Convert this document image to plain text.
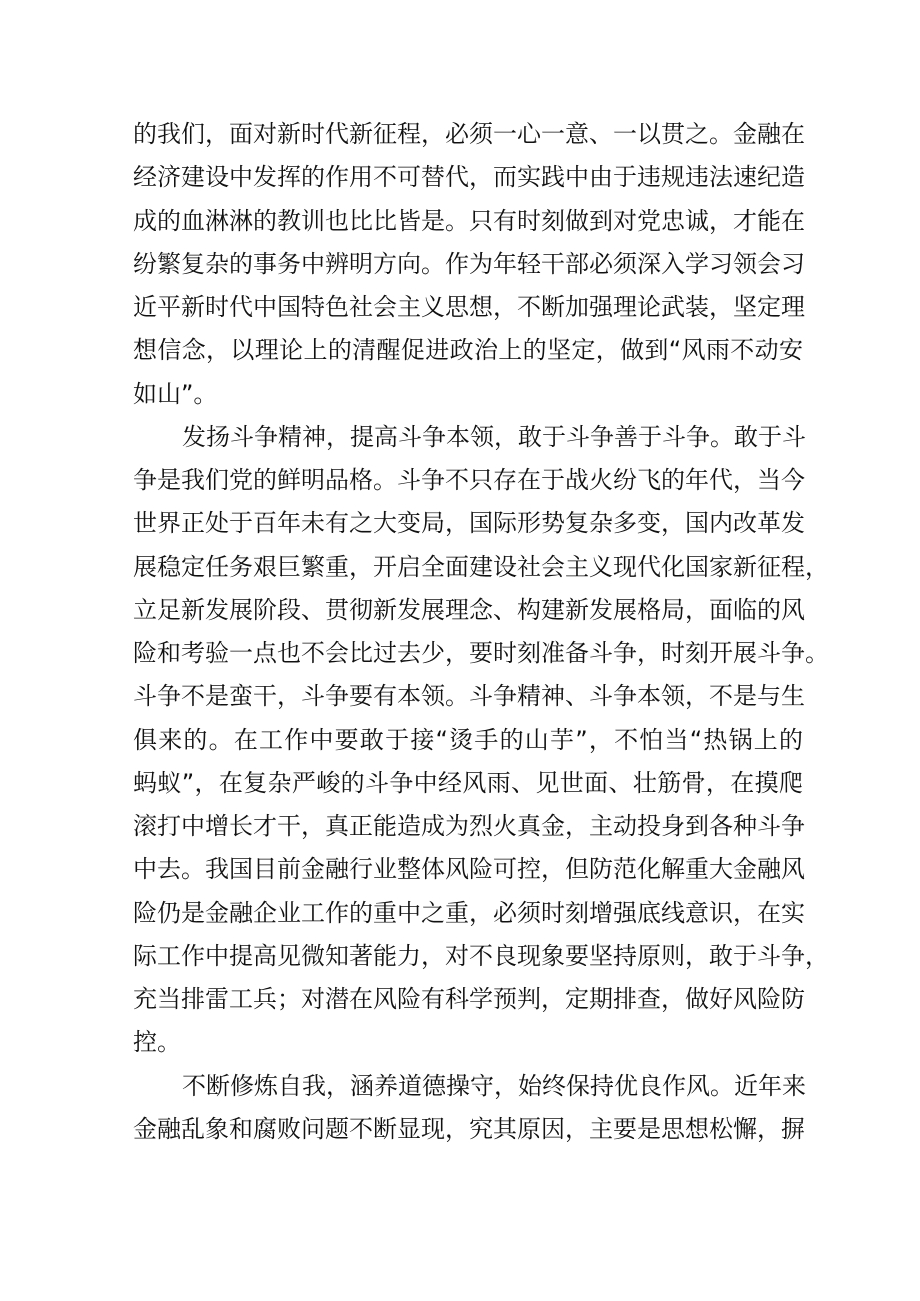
的我们，面对新时代新征程，必须一心一意、一以贯之。金融在
经济建设中发挥的作用不可替代，而实践中由于违规违法速纪造
成的血淋淋的教训也比比皆是。只有时刻做到对党忠诚，才能在
纷繁复杂的事务中辨明方向。作为年轻干部必须深入学习领会习
近平新时代中国特色社会主义思想，不断加强理论武装，坚定理
想信念，以理论上的清醒促进政治上的坚定，做到“风雨不动安
如山”。
发扬斗争精神，提高斗争本领，敢于斗争善于斗争。敢于斗
争是我们党的鲜明品格。斗争不只存在于战火纷飞的年代，当今
世界正处于百年未有之大变局，国际形势复杂多变，国内改革发
展稳定任务艰巨繁重，开启全面建设社会主义现代化国家新征程，
立足新发展阶段、贯彻新发展理念、构建新发展格局，面临的风
险和考验一点也不会比过去少，要时刻准备斗争，时刻开展斗争。
斗争不是蛮干，斗争要有本领。斗争精神、斗争本领，不是与生
俱来的。在工作中要敢于接“烫手的山芋”，不怕当“热锅上的
蚂蚁”，在复杂严峻的斗争中经风雨、见世面、壮筋骨，在摸爬
滚打中增长才干，真正能造成为烈火真金，主动投身到各种斗争
中去。我国目前金融行业整体风险可控，但防范化解重大金融风
险仍是金融企业工作的重中之重，必须时刻增强底线意识，在实
际工作中提高见微知著能力，对不良现象要坚持原则，敢于斗争，
充当排雷工兵；对潜在风险有科学预判，定期排查，做好风险防
控。
不断修炼自我，涵养道德操守，始终保持优良作风。近年来
金融乱象和腐败问题不断显现，究其原因，主要是思想松懈，摒
